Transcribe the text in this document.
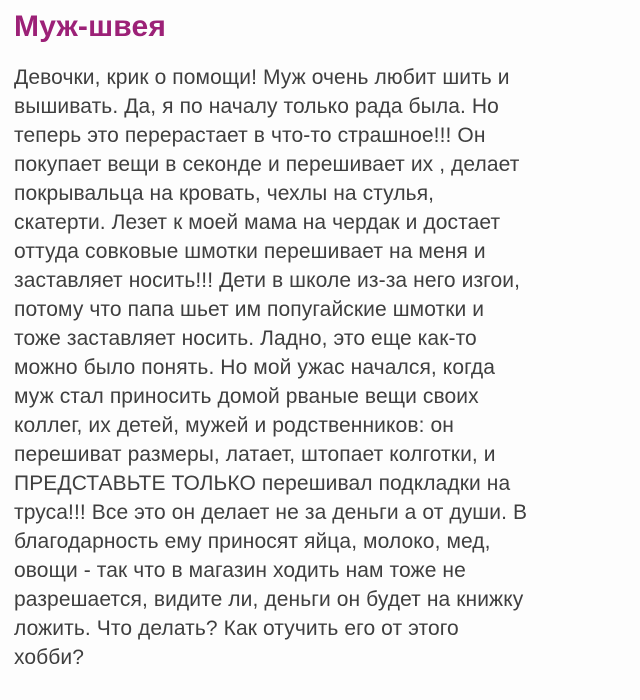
Муж-швея
Девочки, крик о помощи! Муж очень любит шить и
вышивать. Да, я по началу только рада была. Но
теперь это перерастает в что-то страшное!!! Он
покупает вещи в секонде и перешивает их , делает
покрывальца на кровать, чехлы на стулья,
скатерти. Лезет к моей мама на чердак и достает
оттуда совковые шмотки перешивает на меня и
заставляет носить!!! Дети в школе из-за него изгои,
потому что папа шьет им попугайские шмотки и
тоже заставляет носить. Ладно, это еще как-то
можно было понять. Но мой ужас начался, когда
муж стал приносить домой рваные вещи своих
коллег, их детей, мужей и родственников: он
перешиват размеры, латает, штопает колготки, и
ПРЕДСТАВЬТЕ ТОЛЬКО перешивал подкладки на
труса!!! Все это он делает не за деньги а от души. В
благодарность ему приносят яйца, молоко, мед,
овощи - так что в магазин ходить нам тоже не
разрешается, видите ли, деньги он будет на книжку
ложить. Что делать? Как отучить его от этого
хобби?
